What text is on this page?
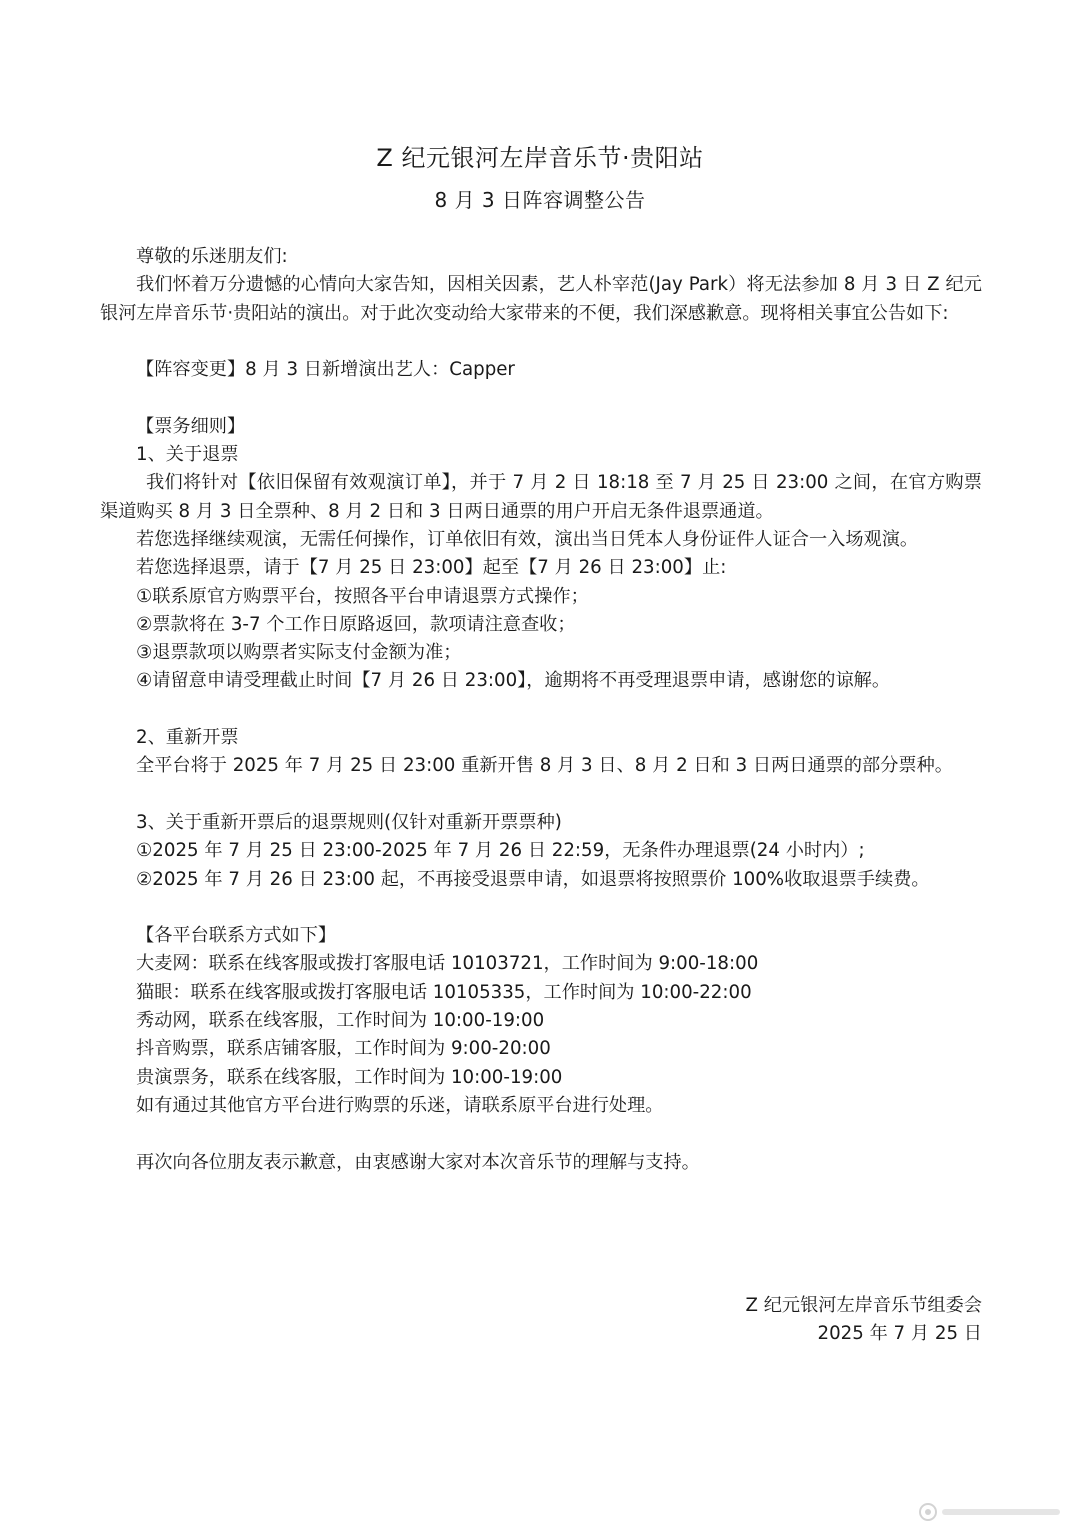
Z 纪元银河左岸音乐节·贵阳站
8 月 3 日阵容调整公告
尊敬的乐迷朋友们:
我们怀着万分遗憾的心情向大家告知，因相关因素，艺人朴宰范(Jay Park）将无法参加 8 月 3 日 Z 纪元银河左岸音乐节·贵阳站的演出。对于此次变动给大家带来的不便，我们深感歉意。现将相关事宜公告如下:
【阵容变更】8 月 3 日新增演出艺人：Capper
【票务细则】
1、关于退票
我们将针对【依旧保留有效观演订单】，并于 7 月 2 日 18:18 至 7 月 25 日 23:00 之间，在官方购票渠道购买 8 月 3 日全票种、8 月 2 日和 3 日两日通票的用户开启无条件退票通道。
若您选择继续观演，无需任何操作，订单依旧有效，演出当日凭本人身份证件人证合一入场观演。
若您选择退票，请于【7 月 25 日 23:00】起至【7 月 26 日 23:00】止:
①联系原官方购票平台，按照各平台申请退票方式操作；
②票款将在 3-7 个工作日原路返回，款项请注意查收；
③退票款项以购票者实际支付金额为准；
④请留意申请受理截止时间【7 月 26 日 23:00】，逾期将不再受理退票申请，感谢您的谅解。
2、重新开票
全平台将于 2025 年 7 月 25 日 23:00 重新开售 8 月 3 日、8 月 2 日和 3 日两日通票的部分票种。
3、关于重新开票后的退票规则(仅针对重新开票票种)
①2025 年 7 月 25 日 23:00-2025 年 7 月 26 日 22:59，无条件办理退票(24 小时内）;
②2025 年 7 月 26 日 23:00 起，不再接受退票申请，如退票将按照票价 100%收取退票手续费。
【各平台联系方式如下】
大麦网：联系在线客服或拨打客服电话 10103721，工作时间为 9:00-18:00
猫眼：联系在线客服或拨打客服电话 10105335，工作时间为 10:00-22:00
秀动网，联系在线客服，工作时间为 10:00-19:00
抖音购票，联系店铺客服，工作时间为 9:00-20:00
贵演票务，联系在线客服，工作时间为 10:00-19:00
如有通过其他官方平台进行购票的乐迷，请联系原平台进行处理。
再次向各位朋友表示歉意，由衷感谢大家对本次音乐节的理解与支持。
Z 纪元银河左岸音乐节组委会
2025 年 7 月 25 日
